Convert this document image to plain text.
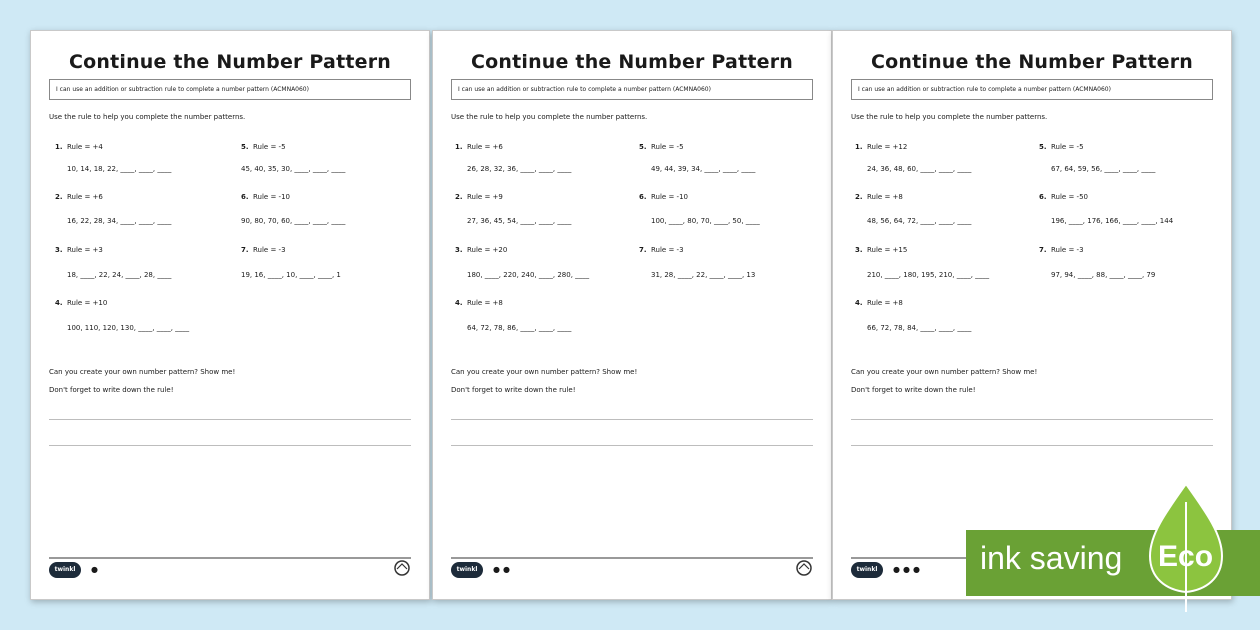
Continue the Number Pattern
I can use an addition or subtraction rule to complete a number pattern (ACMNA060)
Use the rule to help you complete the number patterns.
1. Rule = +4
10, 14, 18, 22, ____, ____, ____
2. Rule = +6
16, 22, 28, 34, ____, ____, ____
3. Rule = +3
18, ____, 22, 24, ____, 28, ____
4. Rule = +10
100, 110, 120, 130, ____, ____, ____
5. Rule = -5
45, 40, 35, 30, ____, ____, ____
6. Rule = -10
90, 80, 70, 60, ____, ____, ____
7. Rule = -3
19, 16, ____, 10, ____, ____, 1
Can you create your own number pattern? Show me!
Don't forget to write down the rule!
twinkl	●
Continue the Number Pattern
I can use an addition or subtraction rule to complete a number pattern (ACMNA060)
Use the rule to help you complete the number patterns.
1. Rule = +6
26, 28, 32, 36, ____, ____, ____
2. Rule = +9
27, 36, 45, 54, ____, ____, ____
3. Rule = +20
180, ____, 220, 240, ____, 280, ____
4. Rule = +8
64, 72, 78, 86, ____, ____, ____
5. Rule = -5
49, 44, 39, 34, ____, ____, ____
6. Rule = -10
100, ____, 80, 70, ____, 50, ____
7. Rule = -3
31, 28, ____, 22, ____, ____, 13
Can you create your own number pattern? Show me!
Don't forget to write down the rule!
twinkl	●●
Continue the Number Pattern
I can use an addition or subtraction rule to complete a number pattern (ACMNA060)
Use the rule to help you complete the number patterns.
1. Rule = +12
24, 36, 48, 60, ____, ____, ____
2. Rule = +8
48, 56, 64, 72, ____, ____, ____
3. Rule = +15
210, ____, 180, 195, 210, ____, ____
4. Rule = +8
66, 72, 78, 84, ____, ____, ____
5. Rule = -5
67, 64, 59, 56, ____, ____, ____
6. Rule = -50
196, ____, 176, 166, ____, ____, 144
7. Rule = -3
97, 94, ____, 88, ____, ____, 79
Can you create your own number pattern? Show me!
Don't forget to write down the rule!
twinkl	●●● ink saving Eco
